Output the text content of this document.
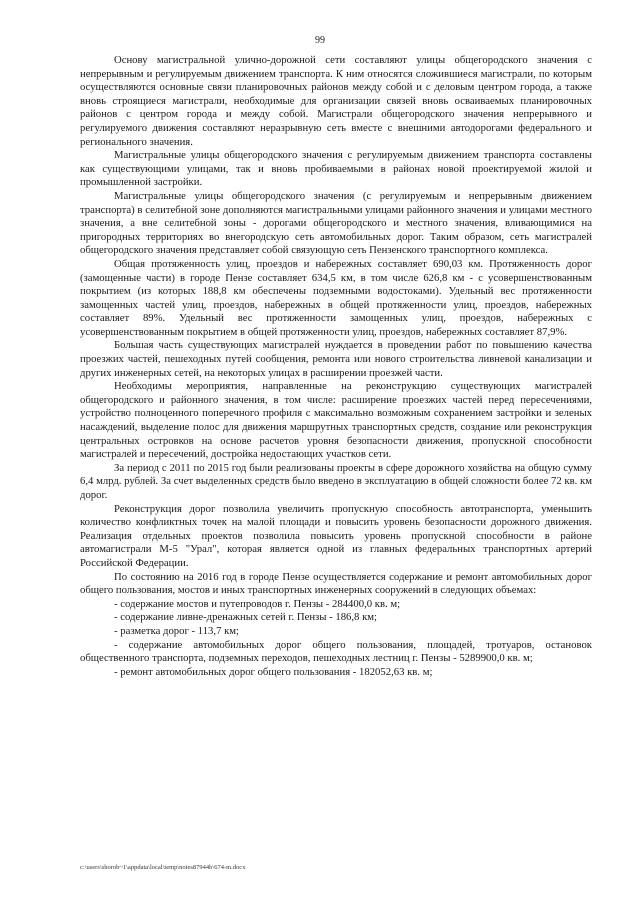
99

Основу магистральной улично-дорожной сети составляют улицы общегородского значения с непрерывным и регулируемым движением транспорта. К ним относятся сложившиеся магистрали, по которым осуществляются основные связи планировочных районов между собой и с деловым центром города, а также вновь строящиеся магистрали, необходимые для организации связей вновь осваиваемых планировочных районов с центром города и между собой. Магистрали общегородского значения непрерывного и регулируемого движения составляют неразрывную сеть вместе с внешними автодорогами федерального и регионального значения.

Магистральные улицы общегородского значения с регулируемым движением транспорта составлены как существующими улицами, так и вновь пробиваемыми в районах новой проектируемой жилой и промышленной застройки.

Магистральные улицы общегородского значения (с регулируемым и непрерывным движением транспорта) в селитебной зоне дополняются магистральными улицами районного значения и улицами местного значения, а вне селитебной зоны - дорогами общегородского и местного значения, вливающимися на пригородных территориях во внегородскую сеть автомобильных дорог. Таким образом, сеть магистралей общегородского значения представляет собой связующую сеть Пензенского транспортного комплекса.

Общая протяженность улиц, проездов и набережных составляет 690,03 км. Протяженность дорог (замощенные части) в городе Пензе составляет 634,5 км, в том числе 626,8 км - с усовершенствованным покрытием (из которых 188,8 км обеспечены подземными водостоками). Удельный вес протяженности замощенных частей улиц, проездов, набережных в общей протяженности улиц, проездов, набережных составляет 89%. Удельный вес протяженности замощенных улиц, проездов, набережных с усовершенствованным покрытием в общей протяженности улиц, проездов, набережных составляет 87,9%.

Большая часть существующих магистралей нуждается в проведении работ по повышению качества проезжих частей, пешеходных путей сообщения, ремонта или нового строительства ливневой канализации и других инженерных сетей, на некоторых улицах в расширении проезжей части.

Необходимы мероприятия, направленные на реконструкцию существующих магистралей общегородского и районного значения, в том числе: расширение проезжих частей перед пересечениями, устройство полноценного поперечного профиля с максимально возможным сохранением застройки и зеленых насаждений, выделение полос для движения маршрутных транспортных средств, создание или реконструкция центральных островков на основе расчетов уровня безопасности движения, пропускной способности магистралей и пересечений, достройка недостающих участков сети.

За период с 2011 по 2015 год были реализованы проекты в сфере дорожного хозяйства на общую сумму 6,4 млрд. рублей. За счет выделенных средств было введено в эксплуатацию в общей сложности более 72 кв. км дорог.

Реконструкция дорог позволила увеличить пропускную способность автотранспорта, уменьшить количество конфликтных точек на малой площади и повысить уровень безопасности дорожного движения. Реализация отдельных проектов позволила повысить уровень пропускной способности в районе автомагистрали М-5 "Урал", которая является одной из главных федеральных транспортных артерий Российской Федерации.

По состоянию на 2016 год в городе Пензе осуществляется содержание и ремонт автомобильных дорог общего пользования, мостов и иных транспортных инженерных сооружений в следующих объемах:

- содержание мостов и путепроводов г. Пензы - 284400,0 кв. м;

- содержание ливне-дренажных сетей г. Пензы - 186,8 км;

- разметка дорог - 113,7 км;

- содержание автомобильных дорог общего пользования, площадей, тротуаров, остановок общественного транспорта, подземных переходов, пешеходных лестниц г. Пензы - 5289900,0 кв. м;

- ремонт автомобильных дорог общего пользования - 182052,63 кв. м;

c:\users\shorob~1\appdata\local\temp\notes87944b\674-m.docx
